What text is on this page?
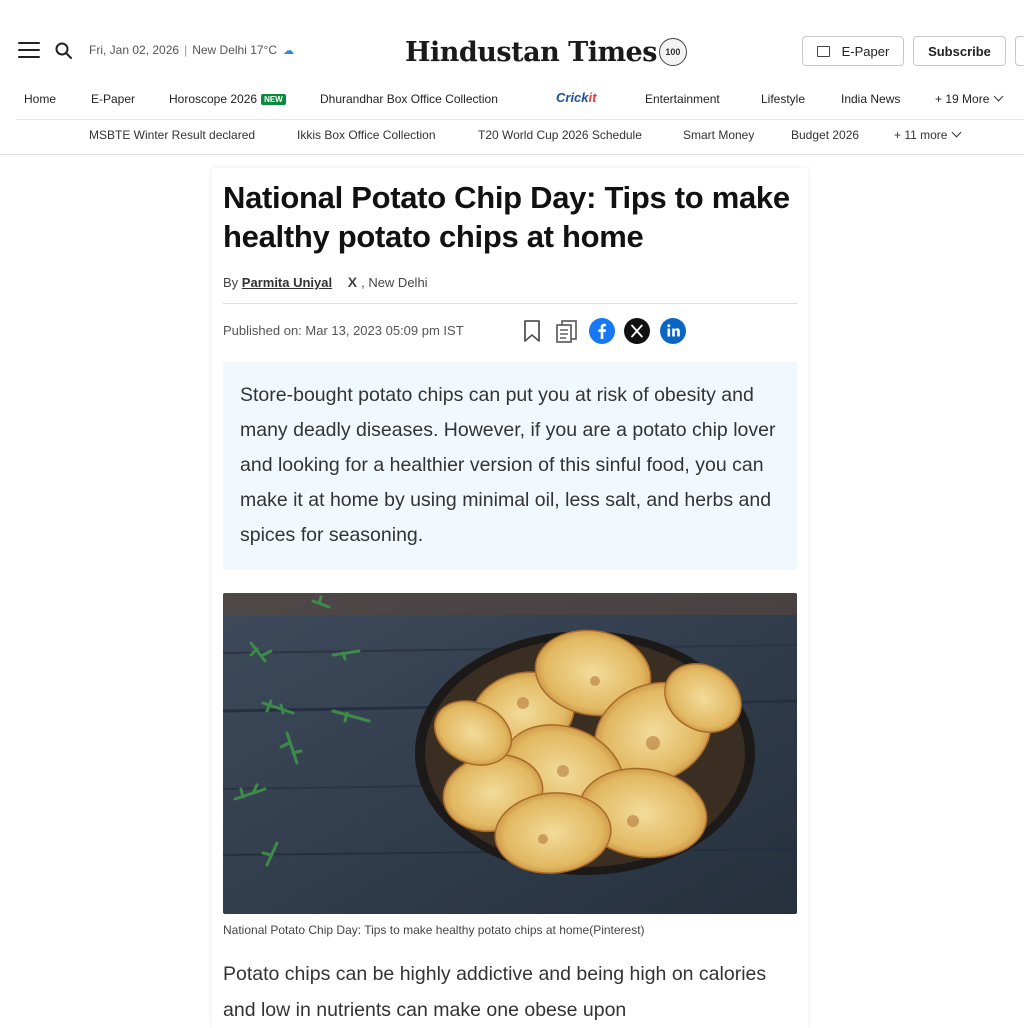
Fri, Jan 02, 2026 | New Delhi 17°C ☁	Hindustan Times 100	E-Paper	Subscribe
Home	E-Paper	Horoscope 2026 NEW	Dhurandhar Box Office Collection	Crickit	Entertainment	Lifestyle	India News	+ 19 More
MSBTE Winter Result declared	Ikkis Box Office Collection	T20 World Cup 2026 Schedule	Smart Money	Budget 2026	+ 11 more
National Potato Chip Day: Tips to make healthy potato chips at home
By Parmita Uniyal X , New Delhi
Published on: Mar 13, 2023 05:09 pm IST
Store-bought potato chips can put you at risk of obesity and many deadly diseases. However, if you are a potato chip lover and looking for a healthier version of this sinful food, you can make it at home by using minimal oil, less salt, and herbs and spices for seasoning.
National Potato Chip Day: Tips to make healthy potato chips at home(Pinterest)
Potato chips can be highly addictive and being high on calories and low in nutrients can make one obese upon
